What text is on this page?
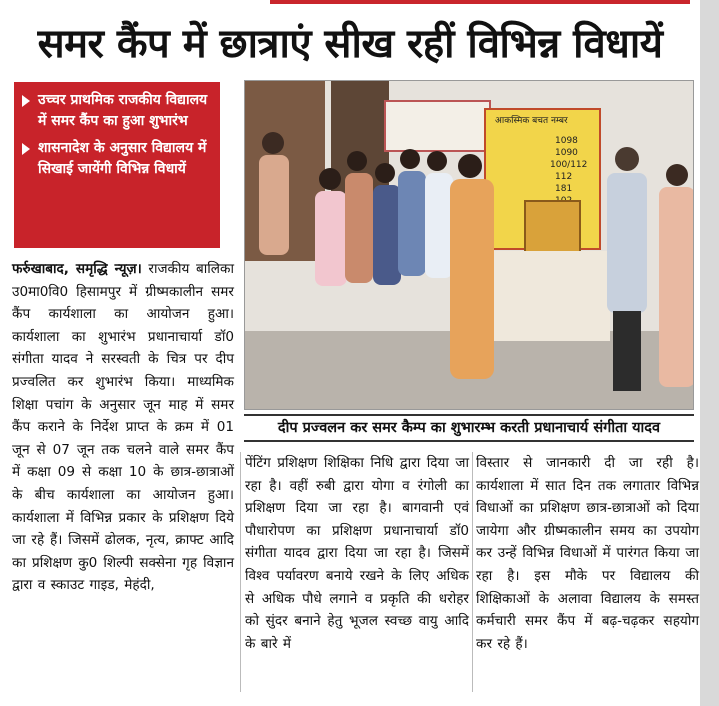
समर कैंप में छात्राएं सीख रहीं विभिन्न विधायें
उच्चर प्राथमिक राजकीय विद्यालय में समर कैंप का हुआ शुभारंभ
शासनादेश के अनुसार विद्यालय में सिखाई जायेंगी विभिन्न विधायें
फर्रुखाबाद, समृद्धि न्यूज़। राजकीय बालिका उ0मा0वि0 हिसामपुर में ग्रीष्मकालीन समर कैंप कार्यशाला का आयोजन हुआ। कार्यशाला का शुभारंभ प्रधानाचार्या डॉ0 संगीता यादव ने सरस्वती के चित्र पर दीप प्रज्वलित कर शुभारंभ किया। माध्यमिक शिक्षा पचांग के अनुसार जून माह में समर कैंप कराने के निर्देश प्राप्त के क्रम में 01 जून से 07 जून तक चलने वाले समर कैंप में कक्षा 09 से कक्षा 10 के छात्र-छात्राओं के बीच कार्यशाला का आयोजन हुआ। कार्यशाला में विभिन्न प्रकार के प्रशिक्षण दिये जा रहे हैं। जिसमें ढोलक, नृत्य, क्राफ्ट आदि का प्रशिक्षण कु0 शिल्पी सक्सेना गृह विज्ञान द्वारा व स्काउट गाइड, मेहंदी,
आकस्मिक बचत नम्बर
1098
1090
100/112
112
181
दीप प्रज्वलन कर समर कैम्प का शुभारम्भ करती प्रधानाचार्य संगीता यादव
पेंटिंग प्रशिक्षण शिक्षिका निधि द्वारा दिया जा रहा है। वहीं रुबी द्वारा योगा व रंगोली का प्रशिक्षण दिया जा रहा है। बागवानी एवं पौधारोपण का प्रशिक्षण प्रधानाचार्या डॉ0 संगीता यादव द्वारा दिया जा रहा है। जिसमें विश्व पर्यावरण बनाये रखने के लिए अधिक से अधिक पौधे लगाने व प्रकृति की धरोहर को सुंदर बनाने हेतु भूजल स्वच्छ वायु आदि के बारे में
विस्तार से जानकारी दी जा रही है। कार्यशाला में सात दिन तक लगातार विभिन्न विधाओं का प्रशिक्षण छात्र-छात्राओं को दिया जायेगा और ग्रीष्मकालीन समय का उपयोग कर उन्हें विभिन्न विधाओं में पारंगत किया जा रहा है। इस मौके पर विद्यालय की शिक्षिकाओं के अलावा विद्यालय के समस्त कर्मचारी समर कैंप में बढ़-चढ़कर सहयोग कर रहे हैं।
